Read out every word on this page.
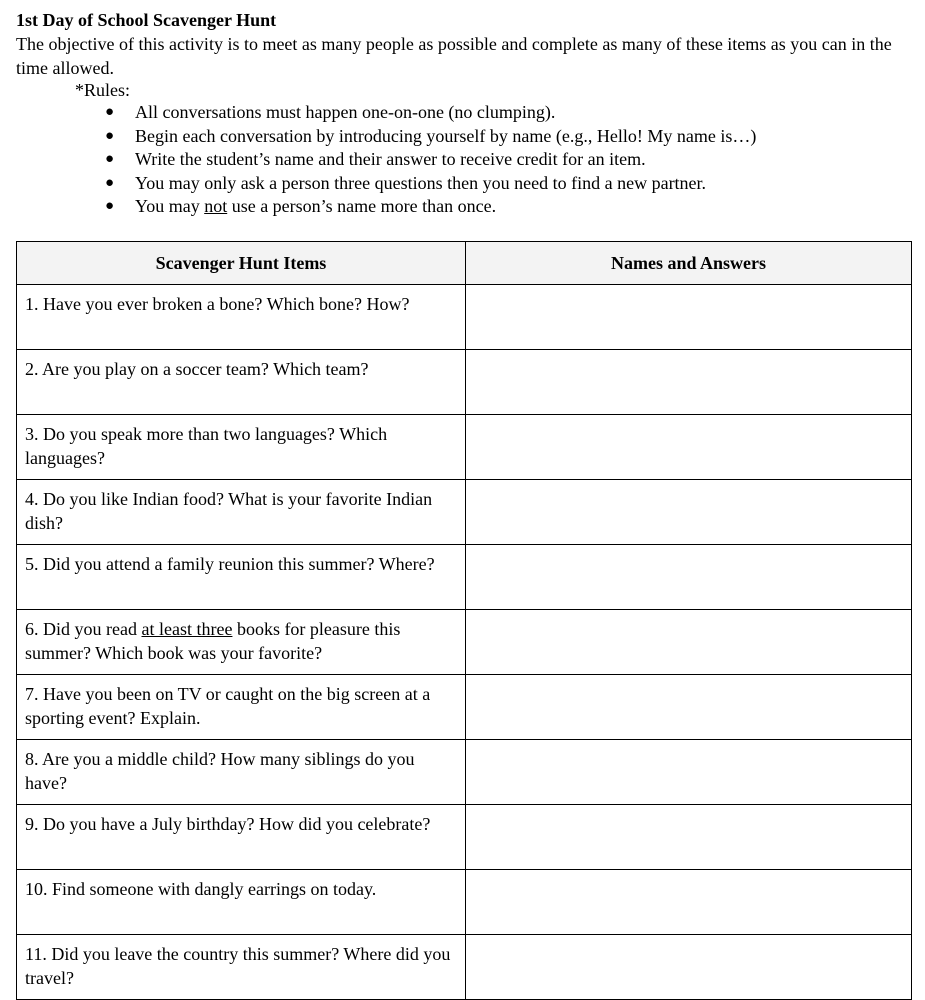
1st Day of School Scavenger Hunt
The objective of this activity is to meet as many people as possible and complete as many of these items as you can in the time allowed.
*Rules:
● All conversations must happen one-on-one (no clumping).
● Begin each conversation by introducing yourself by name (e.g., Hello! My name is…)
● Write the student’s name and their answer to receive credit for an item.
● You may only ask a person three questions then you need to find a new partner.
● You may not use a person’s name more than once.
Scavenger Hunt Items	Names and Answers

1. Have you ever broken a bone? Which bone? How?	

2. Are you play on a soccer team? Which team?	

3. Do you speak more than two languages? Which languages?	

4. Do you like Indian food? What is your favorite Indian dish?	

5. Did you attend a family reunion this summer? Where?	

6. Did you read at least three books for pleasure this summer? Which book was your favorite?	

7. Have you been on TV or caught on the big screen at a sporting event? Explain.	

8. Are you a middle child? How many siblings do you have?	

9. Do you have a July birthday? How did you celebrate?	

10. Find someone with dangly earrings on today.	

11. Did you leave the country this summer? Where did you travel?	
